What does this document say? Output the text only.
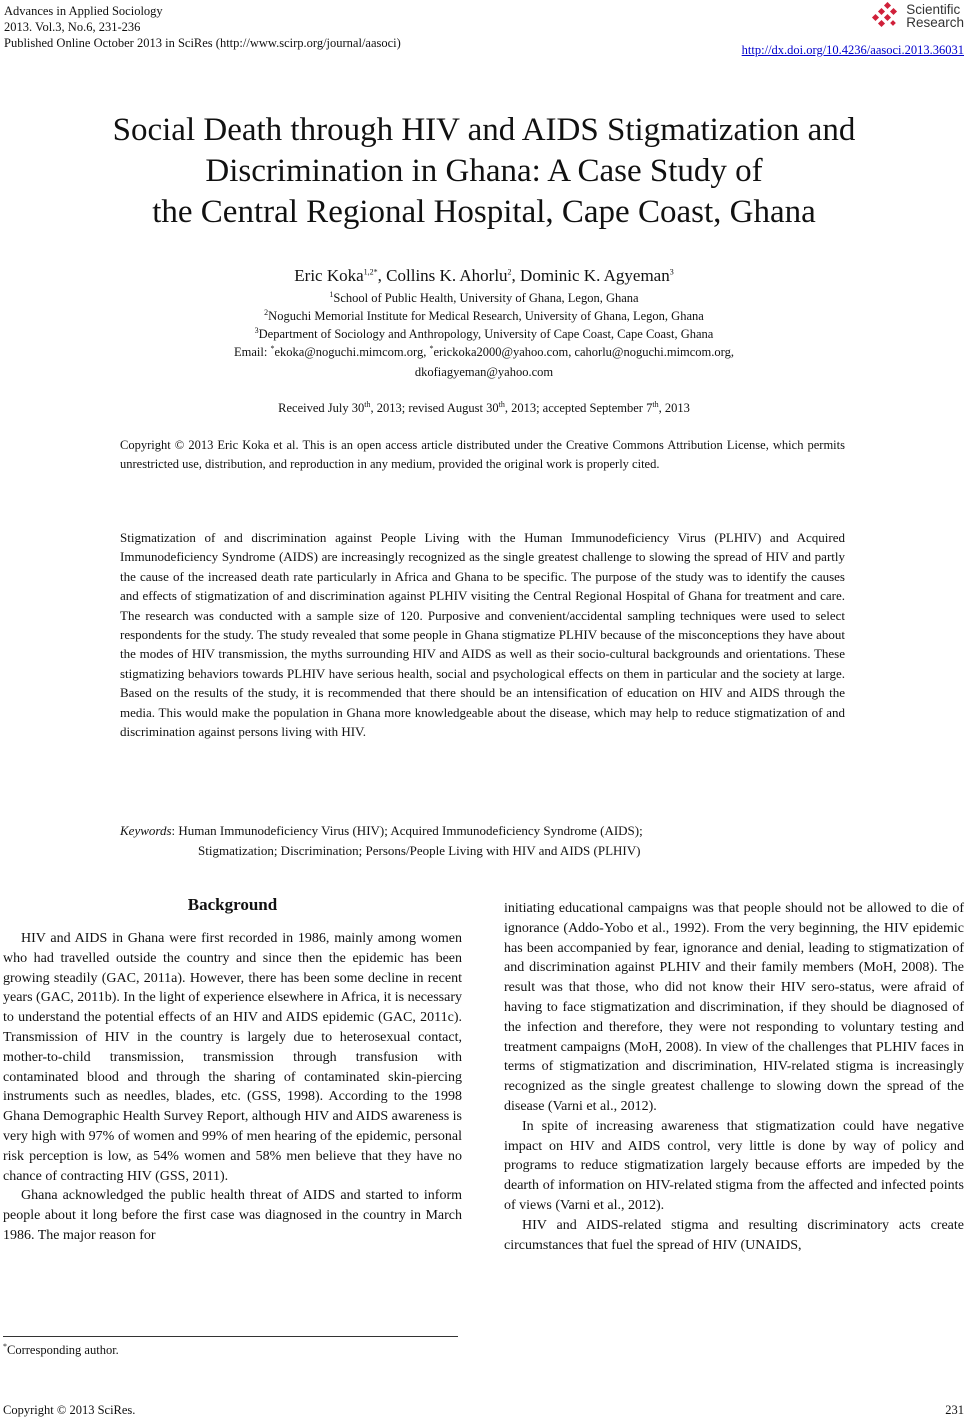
Advances in Applied Sociology
2013. Vol.3, No.6, 231-236
Published Online October 2013 in SciRes (http://www.scirp.org/journal/aasoci)
Scientific
Research
http://dx.doi.org/10.4236/aasoci.2013.36031
Social Death through HIV and AIDS Stigmatization and
Discrimination in Ghana: A Case Study of
the Central Regional Hospital, Cape Coast, Ghana
Eric Koka$^{1,2*}$, Collins K. Ahorlu$^2$, Dominic K. Agyeman$^3$
$^1$School of Public Health, University of Ghana, Legon, Ghana
$^2$Noguchi Memorial Institute for Medical Research, University of Ghana, Legon, Ghana
$^3$Department of Sociology and Anthropology, University of Cape Coast, Cape Coast, Ghana
Email: *ekoka@noguchi.mimcom.org, *erickoka2000@yahoo.com, cahorlu@noguchi.mimcom.org,
dkofiagyeman@yahoo.com
Received July 30th, 2013; revised August 30th, 2013; accepted September 7th, 2013
Copyright © 2013 Eric Koka et al. This is an open access article distributed under the Creative Commons Attribution License, which permits unrestricted use, distribution, and reproduction in any medium, provided the original work is properly cited.
Stigmatization of and discrimination against People Living with the Human Immunodeficiency Virus (PLHIV) and Acquired Immunodeficiency Syndrome (AIDS) are increasingly recognized as the single greatest challenge to slowing the spread of HIV and partly the cause of the increased death rate particularly in Africa and Ghana to be specific. The purpose of the study was to identify the causes and effects of stigmatization of and discrimination against PLHIV visiting the Central Regional Hospital of Ghana for treatment and care. The research was conducted with a sample size of 120. Purposive and convenient/accidental sampling techniques were used to select respondents for the study. The study revealed that some people in Ghana stigmatize PLHIV because of the misconceptions they have about the modes of HIV transmission, the myths surrounding HIV and AIDS as well as their socio-cultural backgrounds and orientations. These stigmatizing behaviors towards PLHIV have serious health, social and psychological effects on them in particular and the society at large. Based on the results of the study, it is recommended that there should be an intensification of education on HIV and AIDS through the media. This would make the population in Ghana more knowledgeable about the disease, which may help to reduce stigmatization of and discrimination against persons living with HIV.
Keywords: Human Immunodeficiency Virus (HIV); Acquired Immunodeficiency Syndrome (AIDS);
Stigmatization; Discrimination; Persons/People Living with HIV and AIDS (PLHIV)
Background

HIV and AIDS in Ghana were first recorded in 1986, mainly among women who had travelled outside the country and since then the epidemic has been growing steadily (GAC, 2011a). However, there has been some decline in recent years (GAC, 2011b). In the light of experience elsewhere in Africa, it is necessary to understand the potential effects of an HIV and AIDS epidemic (GAC, 2011c). Transmission of HIV in the country is largely due to heterosexual contact, mother-to-child transmission, transmission through transfusion with contaminated blood and through the sharing of contaminated skin-piercing instruments such as needles, blades, etc. (GSS, 1998). According to the 1998 Ghana Demographic Health Survey Report, although HIV and AIDS awareness is very high with 97% of women and 99% of men hearing of the epidemic, personal risk perception is low, as 54% women and 58% men believe that they have no chance of contracting HIV (GSS, 2011).

Ghana acknowledged the public health threat of AIDS and started to inform people about it long before the first case was diagnosed in the country in March 1986. The major reason for

initiating educational campaigns was that people should not be allowed to die of ignorance (Addo-Yobo et al., 1992). From the very beginning, the HIV epidemic has been accompanied by fear, ignorance and denial, leading to stigmatization of and discrimination against PLHIV and their family members (MoH, 2008). The result was that those, who did not know their HIV sero-status, were afraid of having to face stigmatization and discrimination, if they should be diagnosed of the infection and therefore, they were not responding to voluntary testing and treatment campaigns (MoH, 2008). In view of the challenges that PLHIV faces in terms of stigmatization and discrimination, HIV-related stigma is increasingly recognized as the single greatest challenge to slowing down the spread of the disease (Varni et al., 2012).

In spite of increasing awareness that stigmatization could have negative impact on HIV and AIDS control, very little is done by way of policy and programs to reduce stigmatization largely because efforts are impeded by the dearth of information on HIV-related stigma from the affected and infected points of views (Varni et al., 2012).

HIV and AIDS-related stigma and resulting discriminatory acts create circumstances that fuel the spread of HIV (UNAIDS,

*Corresponding author.
Copyright © 2013 SciRes.	231
